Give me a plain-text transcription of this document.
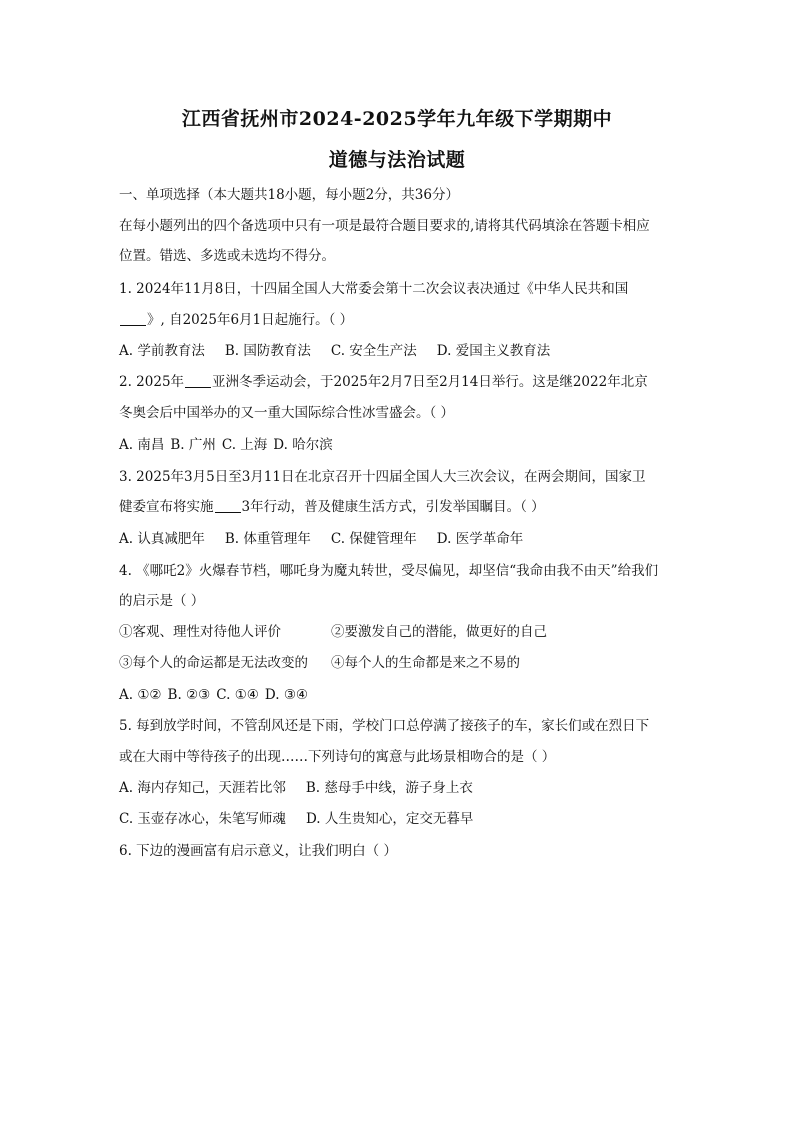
江西省抚州市2024-2025学年九年级下学期期中
道德与法治试题
一、单项选择（本大题共18小题，每小题2分，共36分）
在每小题列出的四个备选项中只有一项是最符合题目要求的,请将其代码填涂在答题卡相应
位置。错选、多选或未选均不得分。
1. 2024年11月8日，十四届全国人大常委会第十二次会议表决通过《中华人民共和国
》, 自2025年6月1日起施行。（ ）
A. 学前教育法 B. 国防教育法 C. 安全生产法 D. 爱国主义教育法
2. 2025年 亚洲冬季运动会，于2025年2月7日至2月14日举行。这是继2022年北京
冬奥会后中国举办的又一重大国际综合性冰雪盛会。（ ）
A. 南昌 B. 广州 C. 上海 D. 哈尔滨
3. 2025年3月5日至3月11日在北京召开十四届全国人大三次会议，在两会期间，国家卫
健委宣布将实施 3年行动，普及健康生活方式，引发举国瞩目。（ ）
A. 认真减肥年 B. 体重管理年 C. 保健管理年 D. 医学革命年
4. 《哪吒2》火爆春节档，哪吒身为魔丸转世，受尽偏见，却坚信“我命由我不由天”给我们
的启示是（ ）
①客观、理性对待他人评价	②要激发自己的潜能，做更好的自己
③每个人的命运都是无法改变的 ④每个人的生命都是来之不易的
A. ①② B. ②③ C. ①④ D. ③④
5. 每到放学时间，不管刮风还是下雨，学校门口总停满了接孩子的车，家长们或在烈日下
或在大雨中等待孩子的出现……下列诗句的寓意与此场景相吻合的是（ ）
A. 海内存知己，天涯若比邻 B. 慈母手中线，游子身上衣
C. 玉壶存冰心，朱笔写师魂 D. 人生贵知心，定交无暮早
6. 下边的漫画富有启示意义，让我们明白（ ）
